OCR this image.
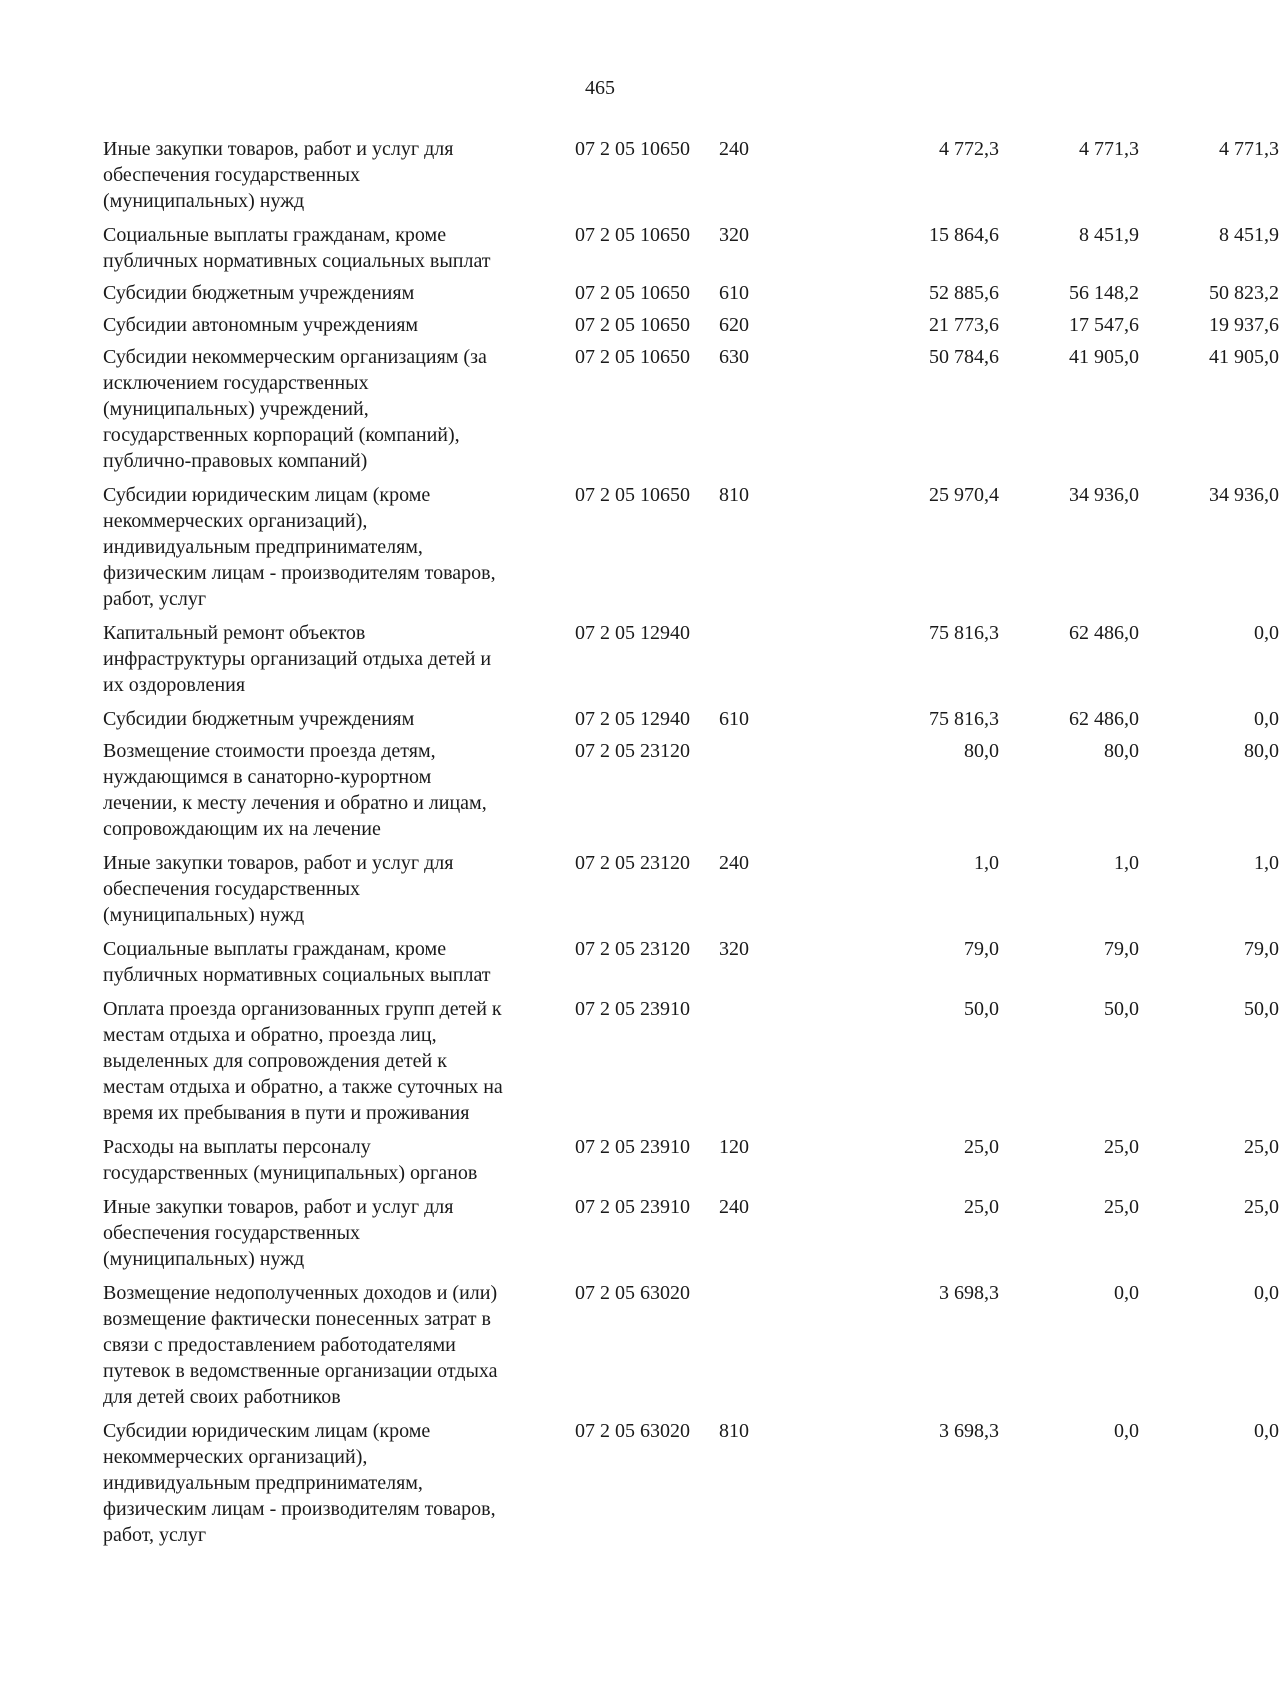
465
Иные закупки товаров, работ и услуг для
обеспечения государственных
(муниципальных) нужд
07 2 05 10650 240	4 772,3	4 771,3	4 771,3
Социальные выплаты гражданам, кроме
публичных нормативных социальных выплат
07 2 05 10650 320	15 864,6	8 451,9	8 451,9
Субсидии бюджетным учреждениям	07 2 05 10650 610	52 885,6	56 148,2	50 823,2
Субсидии автономным учреждениям	07 2 05 10650 620	21 773,6	17 547,6	19 937,6
Субсидии некоммерческим организациям (за
исключением государственных
(муниципальных) учреждений,
государственных корпораций (компаний),
публично-правовых компаний)
07 2 05 10650 630	50 784,6	41 905,0	41 905,0
Субсидии юридическим лицам (кроме
некоммерческих организаций),
индивидуальным предпринимателям,
физическим лицам - производителям товаров,
работ, услуг
07 2 05 10650 810	25 970,4	34 936,0	34 936,0
Капитальный ремонт объектов
инфраструктуры организаций отдыха детей и
их оздоровления
07 2 05 12940	75 816,3	62 486,0	0,0
Субсидии бюджетным учреждениям	07 2 05 12940 610	75 816,3	62 486,0	0,0
Возмещение стоимости проезда детям,
нуждающимся в санаторно-курортном
лечении, к месту лечения и обратно и лицам,
сопровождающим их на лечение
07 2 05 23120	80,0	80,0	80,0
Иные закупки товаров, работ и услуг для
обеспечения государственных
(муниципальных) нужд
07 2 05 23120 240	1,0	1,0	1,0
Социальные выплаты гражданам, кроме
публичных нормативных социальных выплат
07 2 05 23120 320	79,0	79,0	79,0
Оплата проезда организованных групп детей к
местам отдыха и обратно, проезда лиц,
выделенных для сопровождения детей к
местам отдыха и обратно, а также суточных на
время их пребывания в пути и проживания
07 2 05 23910	50,0	50,0	50,0
Расходы на выплаты персоналу
государственных (муниципальных) органов
07 2 05 23910 120	25,0	25,0	25,0
Иные закупки товаров, работ и услуг для
обеспечения государственных
(муниципальных) нужд
07 2 05 23910 240	25,0	25,0	25,0
Возмещение недополученных доходов и (или)
возмещение фактически понесенных затрат в
связи с предоставлением работодателями
путевок в ведомственные организации отдыха
для детей своих работников
07 2 05 63020	3 698,3	0,0	0,0
Субсидии юридическим лицам (кроме
некоммерческих организаций),
индивидуальным предпринимателям,
физическим лицам - производителям товаров,
работ, услуг
07 2 05 63020 810	3 698,3	0,0	0,0
